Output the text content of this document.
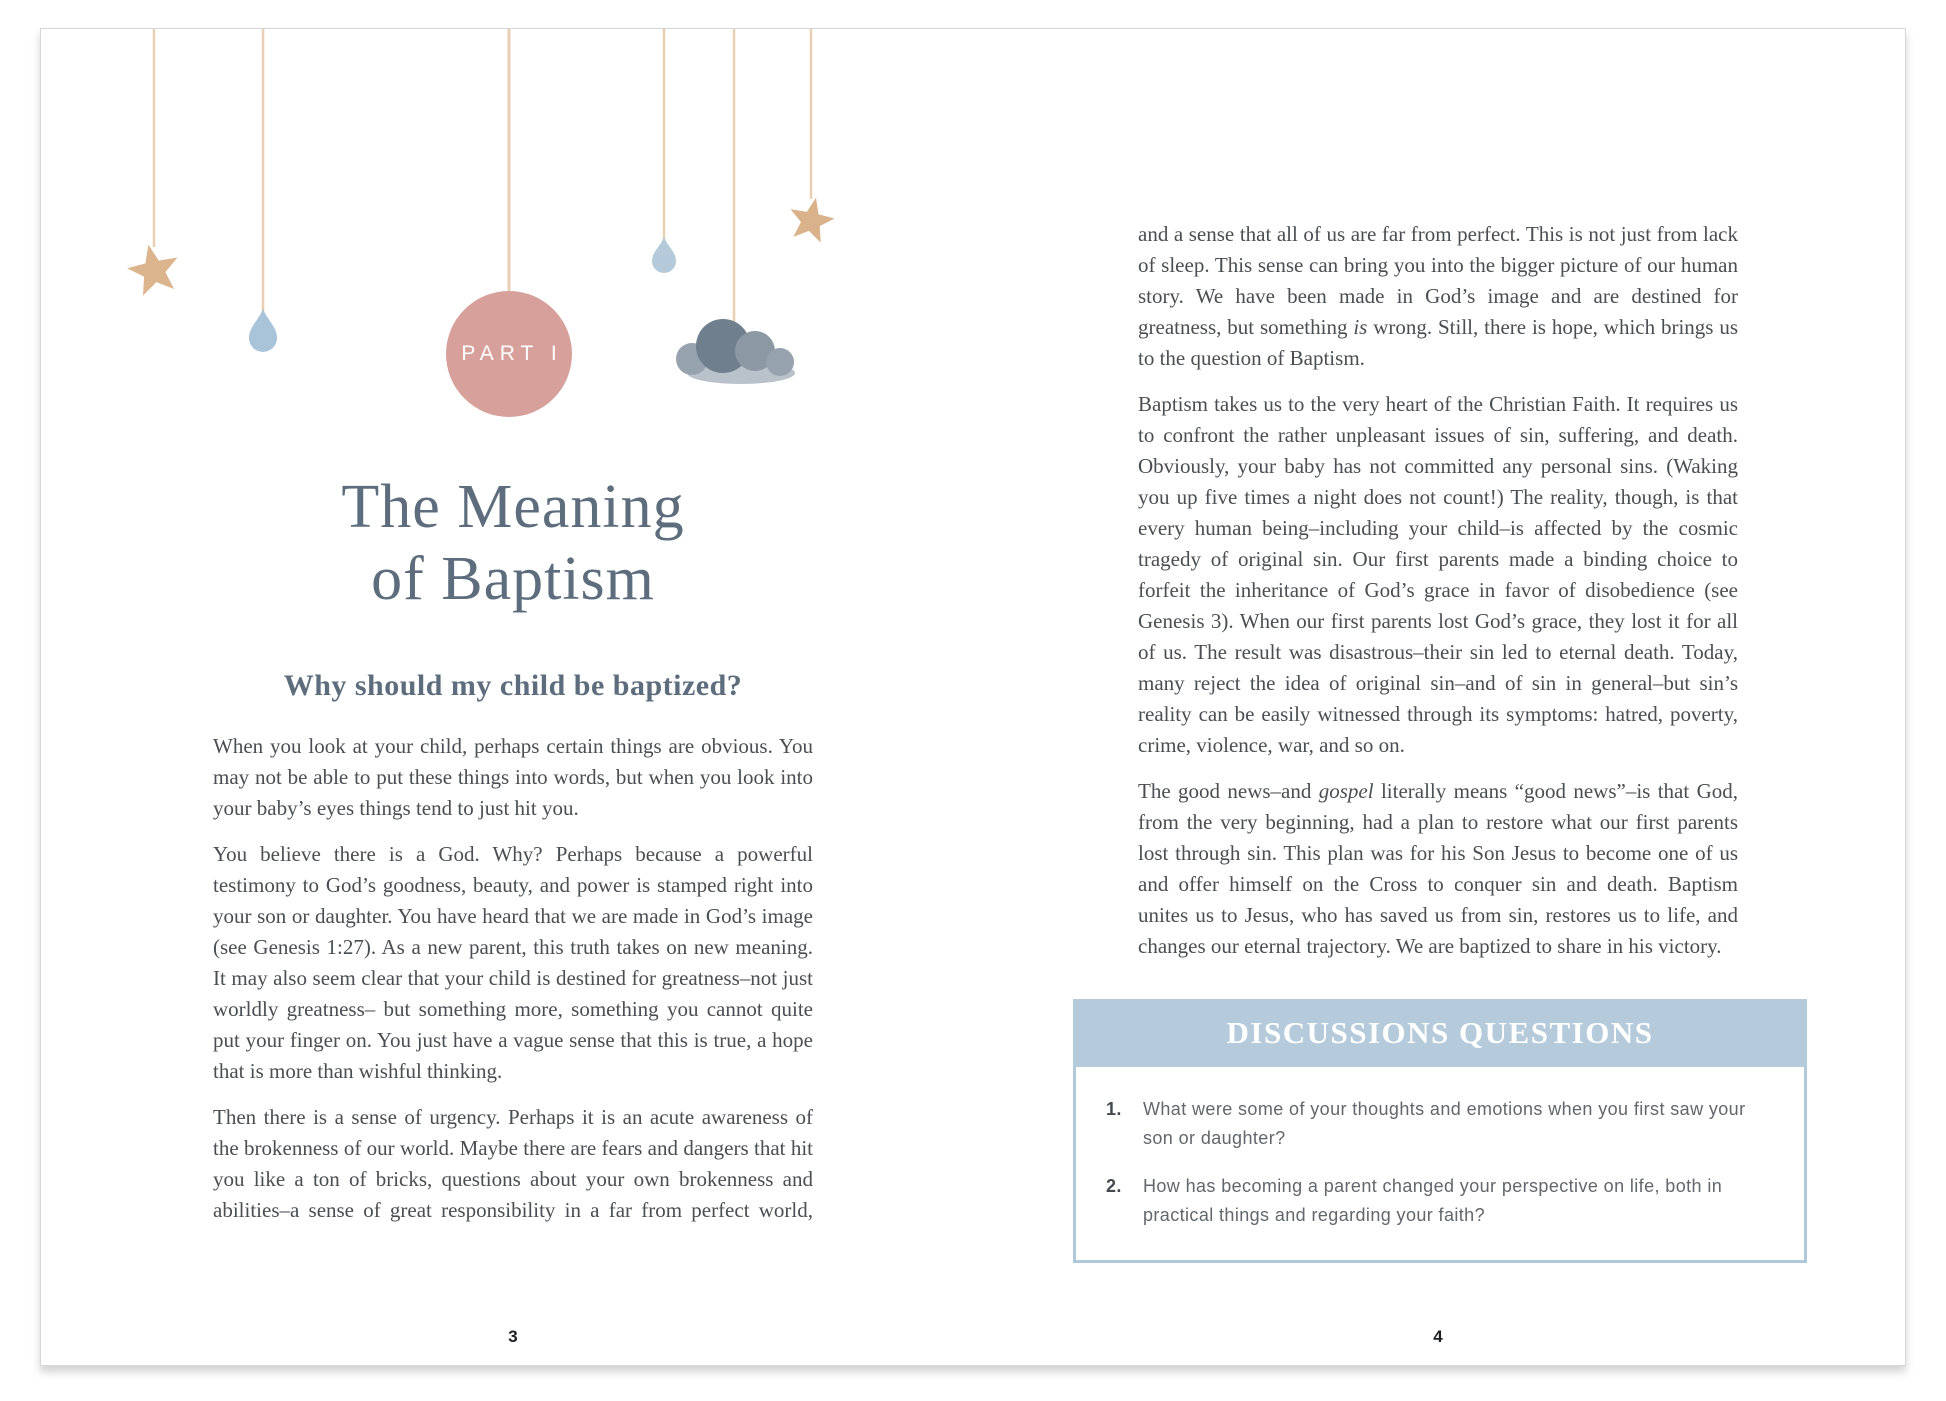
PART I
The Meaning
of Baptism
Why should my child be baptized?

When you look at your child, perhaps certain things are obvious. You may not be able to put these things into words, but when you look into your baby’s eyes things tend to just hit you.

You believe there is a God. Why? Perhaps because a powerful testimony to God’s goodness, beauty, and power is stamped right into your son or daughter. You have heard that we are made in God’s image (see Genesis 1:27). As a new parent, this truth takes on new meaning. It may also seem clear that your child is destined for greatness–not just worldly greatness– but something more, something you cannot quite put your finger on. You just have a vague sense that this is true, a hope that is more than wishful thinking.

Then there is a sense of urgency. Perhaps it is an acute awareness of the brokenness of our world. Maybe there are fears and dangers that hit you like a ton of bricks, questions about your own brokenness and abilities–a sense of great responsibility in a far from perfect world,

3

and a sense that all of us are far from perfect. This is not just from lack of sleep. This sense can bring you into the bigger picture of our human story. We have been made in God’s image and are destined for greatness, but something is wrong. Still, there is hope, which brings us to the question of Baptism.

Baptism takes us to the very heart of the Christian Faith. It requires us to confront the rather unpleasant issues of sin, suffering, and death. Obviously, your baby has not committed any personal sins. (Waking you up five times a night does not count!) The reality, though, is that every human being–including your child–is affected by the cosmic tragedy of original sin. Our first parents made a binding choice to forfeit the inheritance of God’s grace in favor of disobedience (see Genesis 3). When our first parents lost God’s grace, they lost it for all of us. The result was disastrous–their sin led to eternal death. Today, many reject the idea of original sin–and of sin in general–but sin’s reality can be easily witnessed through its symptoms: hatred, poverty, crime, violence, war, and so on.

The good news–and gospel literally means “good news”–is that God, from the very beginning, had a plan to restore what our first parents lost through sin. This plan was for his Son Jesus to become one of us and offer himself on the Cross to conquer sin and death. Baptism unites us to Jesus, who has saved us from sin, restores us to life, and changes our eternal trajectory. We are baptized to share in his victory.

4
DISCUSSIONS QUESTIONS
1.	What were some of your thoughts and emotions when you first saw your son or daughter?
2.	How has becoming a parent changed your perspective on life, both in practical things and regarding your faith?
